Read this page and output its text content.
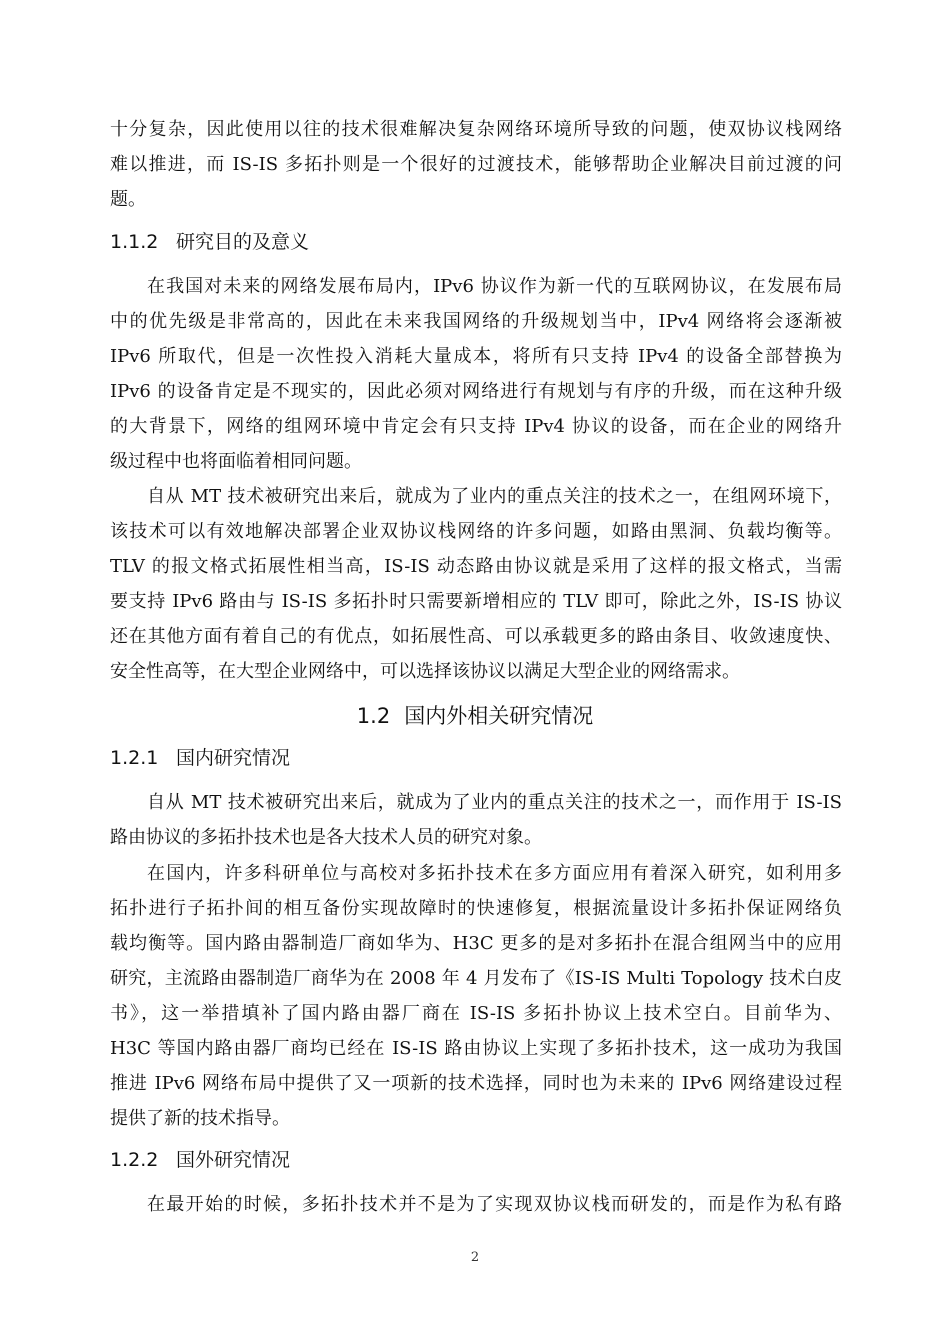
十分复杂，因此使用以往的技术很难解决复杂网络环境所导致的问题，使双协议栈网络
难以推进，而 IS-IS 多拓扑则是一个很好的过渡技术，能够帮助企业解决目前过渡的问
题。
1.1.2 研究目的及意义
在我国对未来的网络发展布局内，IPv6 协议作为新一代的互联网协议，在发展布局
中的优先级是非常高的，因此在未来我国网络的升级规划当中，IPv4 网络将会逐渐被
IPv6 所取代，但是一次性投入消耗大量成本，将所有只支持 IPv4 的设备全部替换为
IPv6 的设备肯定是不现实的，因此必须对网络进行有规划与有序的升级，而在这种升级
的大背景下，网络的组网环境中肯定会有只支持 IPv4 协议的设备，而在企业的网络升
级过程中也将面临着相同问题。
自从 MT 技术被研究出来后，就成为了业内的重点关注的技术之一，在组网环境下，
该技术可以有效地解决部署企业双协议栈网络的许多问题，如路由黑洞、负载均衡等。
TLV 的报文格式拓展性相当高，IS-IS 动态路由协议就是采用了这样的报文格式，当需
要支持 IPv6 路由与 IS-IS 多拓扑时只需要新增相应的 TLV 即可，除此之外，IS-IS 协议
还在其他方面有着自己的有优点，如拓展性高、可以承载更多的路由条目、收敛速度快、
安全性高等，在大型企业网络中，可以选择该协议以满足大型企业的网络需求。
1.2 国内外相关研究情况
1.2.1 国内研究情况
自从 MT 技术被研究出来后，就成为了业内的重点关注的技术之一，而作用于 IS-IS
路由协议的多拓扑技术也是各大技术人员的研究对象。
在国内，许多科研单位与高校对多拓扑技术在多方面应用有着深入研究，如利用多
拓扑进行子拓扑间的相互备份实现故障时的快速修复，根据流量设计多拓扑保证网络负
载均衡等。国内路由器制造厂商如华为、H3C 更多的是对多拓扑在混合组网当中的应用
研究，主流路由器制造厂商华为在 2008 年 4 月发布了《IS-IS Multi Topology 技术白皮
书》，这一举措填补了国内路由器厂商在 IS-IS 多拓扑协议上技术空白。目前华为、
H3C 等国内路由器厂商均已经在 IS-IS 路由协议上实现了多拓扑技术，这一成功为我国
推进 IPv6 网络布局中提供了又一项新的技术选择，同时也为未来的 IPv6 网络建设过程
提供了新的技术指导。
1.2.2 国外研究情况
在最开始的时候，多拓扑技术并不是为了实现双协议栈而研发的，而是作为私有路
2
